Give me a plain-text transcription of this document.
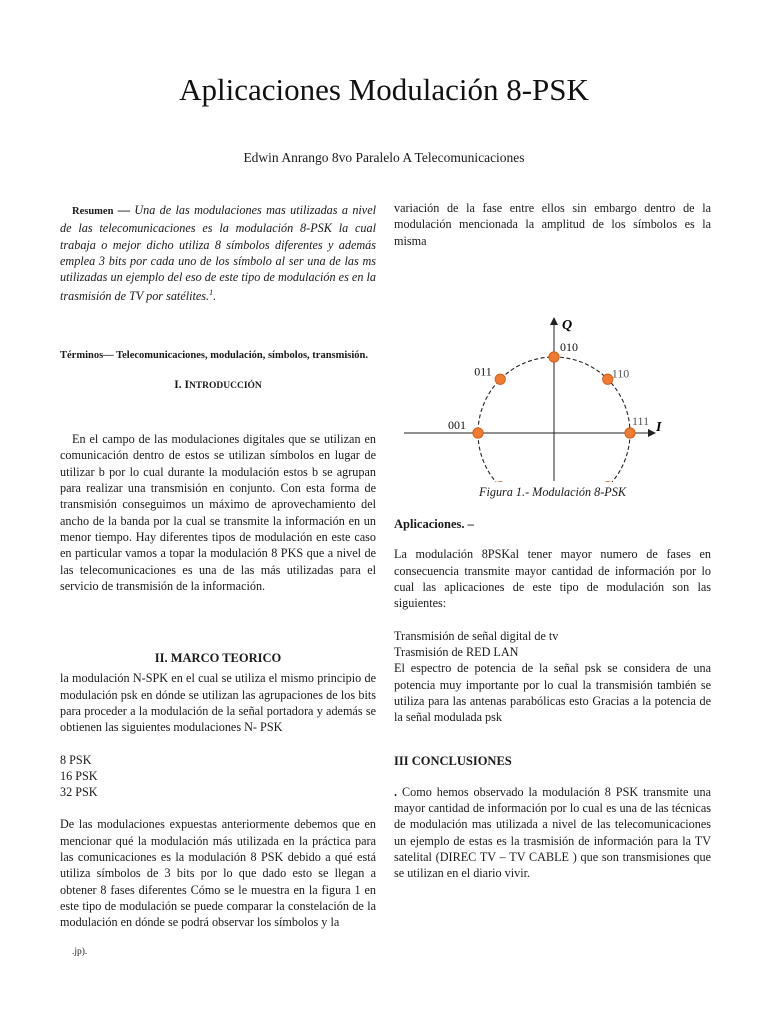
Aplicaciones Modulación 8-PSK
Edwin Anrango 8vo Paralelo A Telecomunicaciones

Resumen — Una de las modulaciones mas utilizadas a nivel de las telecomunicaciones es la modulación 8-PSK la cual trabaja o mejor dicho utiliza 8 símbolos diferentes y además emplea 3 bits por cada uno de los símbolo al ser una de las ms utilizadas un ejemplo del eso de este tipo de modulación es en la trasmisión de TV por satélites.$^1$.

Términos— Telecomunicaciones, modulación, símbolos, transmisión.

I. INTRODUCCIÓN

En el campo de las modulaciones digitales que se utilizan en comunicación dentro de estos se utilizan símbolos en lugar de utilizar b por lo cual durante la modulación estos b se agrupan para realizar una transmisión en conjunto. Con esta forma de transmisión conseguimos un máximo de aprovechamiento del ancho de la banda por la cual se transmite la información en un menor tiempo. Hay diferentes tipos de modulación en este caso en particular vamos a topar la modulación 8 PKS que a nivel de las telecomunicaciones es una de las más utilizadas para el servicio de transmisión de la información.

II. MARCO TEORICO

la modulación N-SPK en el cual se utiliza el mismo principio de modulación psk en dónde se utilizan las agrupaciones de los bits para proceder a la modulación de la señal portadora y además se obtienen las siguientes modulaciones N- PSK

8 PSK

16 PSK

32 PSK

De las modulaciones expuestas anteriormente debemos que en mencionar qué la modulación más utilizada en la práctica para las comunicaciones es la modulación 8 PSK debido a qué está utiliza símbolos de 3 bits por lo que dado esto se llegan a obtener 8 fases diferentes Cómo se le muestra en la figura 1 en este tipo de modulación se puede comparar la constelación de la modulación en dónde se podrá observar los símbolos y la

variación de la fase entre ellos sin embargo dentro de la modulación mencionada la amplitud de los símbolos es la misma

Q
I
010
110
111
001
011

Figura 1.- Modulación 8-PSK

Aplicaciones. –

La modulación 8PSKal tener mayor numero de fases en consecuencia transmite mayor cantidad de información por lo cual las aplicaciones de este tipo de modulación son las siguientes:

Transmisión de señal digital de tv

Trasmisión de RED LAN

El espectro de potencia de la señal psk se considera de una potencia muy importante por lo cual la transmisión también se utiliza para las antenas parabólicas esto Gracias a la potencia de la señal modulada psk

III CONCLUSIONES

. Como hemos observado la modulación 8 PSK transmite una mayor cantidad de información por lo cual es una de las técnicas de modulación mas utilizada a nivel de las telecomunicaciones un ejemplo de estas es la trasmisión de información para la TV satelital (DIREC TV – TV CABLE ) que son transmisiones que se utilizan en el diario vivir.

.jp).
